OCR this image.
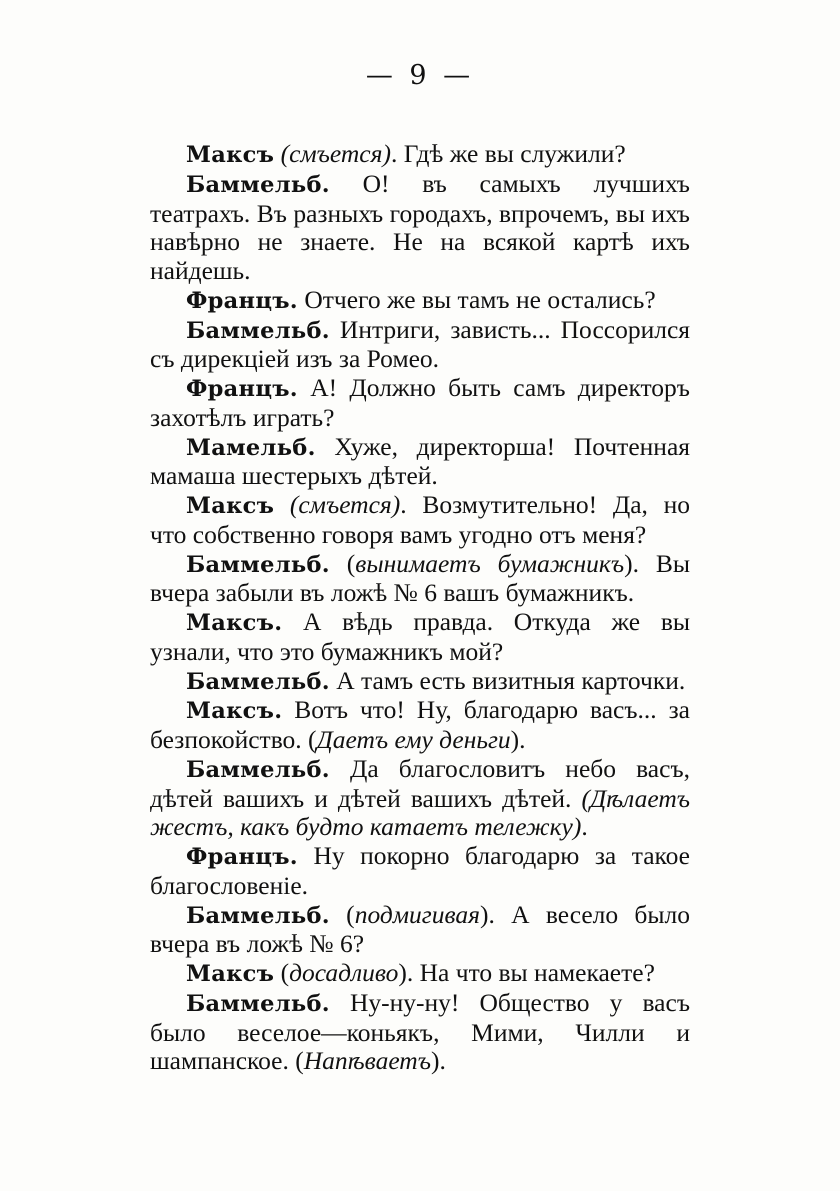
— 9 —

Максъ (смъется). Гдѣ же вы служили?

Баммельб. О! въ самыхъ лучшихъ театрахъ. Въ разныхъ городахъ, впрочемъ, вы ихъ навѣрно не знаете. Не на всякой картѣ ихъ найдешь.

Францъ. Отчего же вы тамъ не остались?

Баммельб. Интриги, зависть... Поссорился съ дирекціей изъ за Ромео.

Францъ. А! Должно быть самъ директоръ захотѣлъ играть?

Мамельб. Хуже, директорша! Почтенная мамаша шестерыхъ дѣтей.

Максъ (смъется). Возмутительно! Да, но что собственно говоря вамъ угодно отъ меня?

Баммельб. (вынимаетъ бумажникъ). Вы вчера забыли въ ложѣ № 6 вашъ бумажникъ.

Максъ. А вѣдь правда. Откуда же вы узнали, что это бумажникъ мой?

Баммельб. А тамъ есть визитныя карточки.

Максъ. Вотъ что! Ну, благодарю васъ... за безпокойство. (Даетъ ему деньги).

Баммельб. Да благословитъ небо васъ, дѣтей вашихъ и дѣтей вашихъ дѣтей. (Дѣлаетъ жестъ, какъ будто катаетъ тележку).

Францъ. Ну покорно благодарю за такое благословеніе.

Баммельб. (подмигивая). А весело было вчера въ ложѣ № 6?

Максъ (досадливо). На что вы намекаете?

Баммельб. Ну-ну-ну! Общество у васъ было веселое—коньякъ, Мими, Чилли и шампанское. (Напѣваетъ).
